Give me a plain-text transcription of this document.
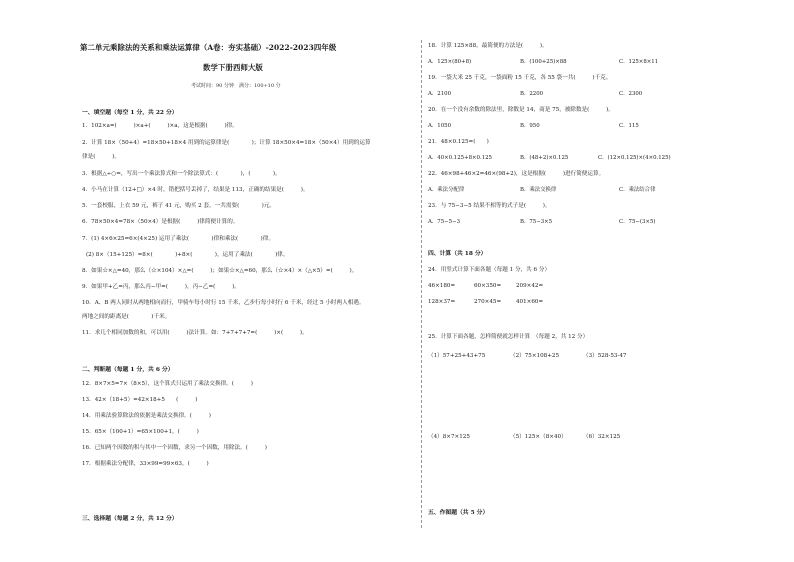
第二单元乘除法的关系和乘法运算律（A卷：夯实基础）-2022-2023四年级
数学下册西师大版
考试时间：90 分钟　满分：100+10 分
一、填空题（每空 1 分，共 22 分）
1．102×a=(　　　)×a+(　　　)×a，这是根据(　　　)律。
2．计算 18×（50+4）=18×50+18×4 用到的运算律是(　　　　)；计算 18×50×4=18×（50×4）用到的运算
律是(　　　)。
3．根据△÷○=，写出一个乘法算式和一个除法算式：(　　　　)，(　　　　)。
4．小马在计算（12+□）×4 时，错把括号丢掉了，结果是 113，正确的结果是(　　　)。
5．一套校服，上衣 59 元，裤子 41 元，购买 2 套，一共需要(　　　　)元。
6．78×50×4=78×（50×4）是根据(　　　)律简便计算的。
7．(1) 4×6×25=6×(4×25) 运用了乘法(　　　　)律和乘法(　　　　)律。
(2) 8×（15+125）=8×(　　　　)+8×(　　　　)，运用了乘法(　　　　)律。
8．如果☆×△=40，那么（☆×104）×△=(　　　)；如果☆×△=60，那么（☆×4）×（△×5）=(　　　)。
9．如果甲+乙=丙，那么丙−甲=(　　　)，丙−乙=(　　　)。
10．A、B 两人同时从两地相向而行，甲骑车每小时行 15 千米，乙步行每小时行 6 千米，经过 5 小时两人相遇。
两地之间的距离是(　　　　)千米。
11．求几个相同加数的和，可以用(　　　)法计算。如：7+7+7+7=(　　　)×(　　　)。
二、判断题（每题 1 分，共 6 分）
12．8×7×5=7×（8×5），这个算式只运用了乘法交换律。(　　　)
13．42×（18+5）=42×18+5　　(　　　)
14．用乘法验算除法的依据是乘法交换律。(　　　)
15．65×（100+1）=65×100+1。(　　　)
16．已知两个因数的积与其中一个因数，求另一个因数，用除法。(　　　)
17．根据乘法分配律，33×99=99×63。(　　　)
三、选择题（每题 2 分，共 12 分）
18．计算 125×88，最简便的方法是(　　　)。
A．125×(80+8)	B．(100+25)×88	C．125×8×11
19．一袋大米 25 千克，一袋面粉 15 千克，各 55 袋一共(　　　)千克。
A．2100	B．2200	C．2300
20．在一个没有余数的除法里，除数是 14，商是 75，被除数是(　　　)。
A．1050	B．950	C．115
21．48×0.125=(　　)
A．40×0.125+8×0.125	B．(48+2)×0.125	C．(12×0.125)×(4×0.125)
22．46×98+46×2=46×(98+2)，这是根据(　　　)进行简便运算。
A．乘法分配律	B．乘法交换律	C．乘法结合律
23．与 75−3−5 结果不相等的式子是(　　　)。
A．75−5−3	B．75−3×5	C．75−(3×5)
四、计算（共 18 分）
24．用竖式计算下面各题（每题 1 分，共 6 分）
46×180=	60×350=	209×42=
128×37=	270×45=	401×60=
25．计算下面各题，怎样简便就怎样计算　（每题 2，共 12 分）
（1）57+25+43+75	（2）75×108+25	（3）528-53-47
（4）8×7×125	（5）125×（8×40）	（6）32×125
五、作图题（共 5 分）
